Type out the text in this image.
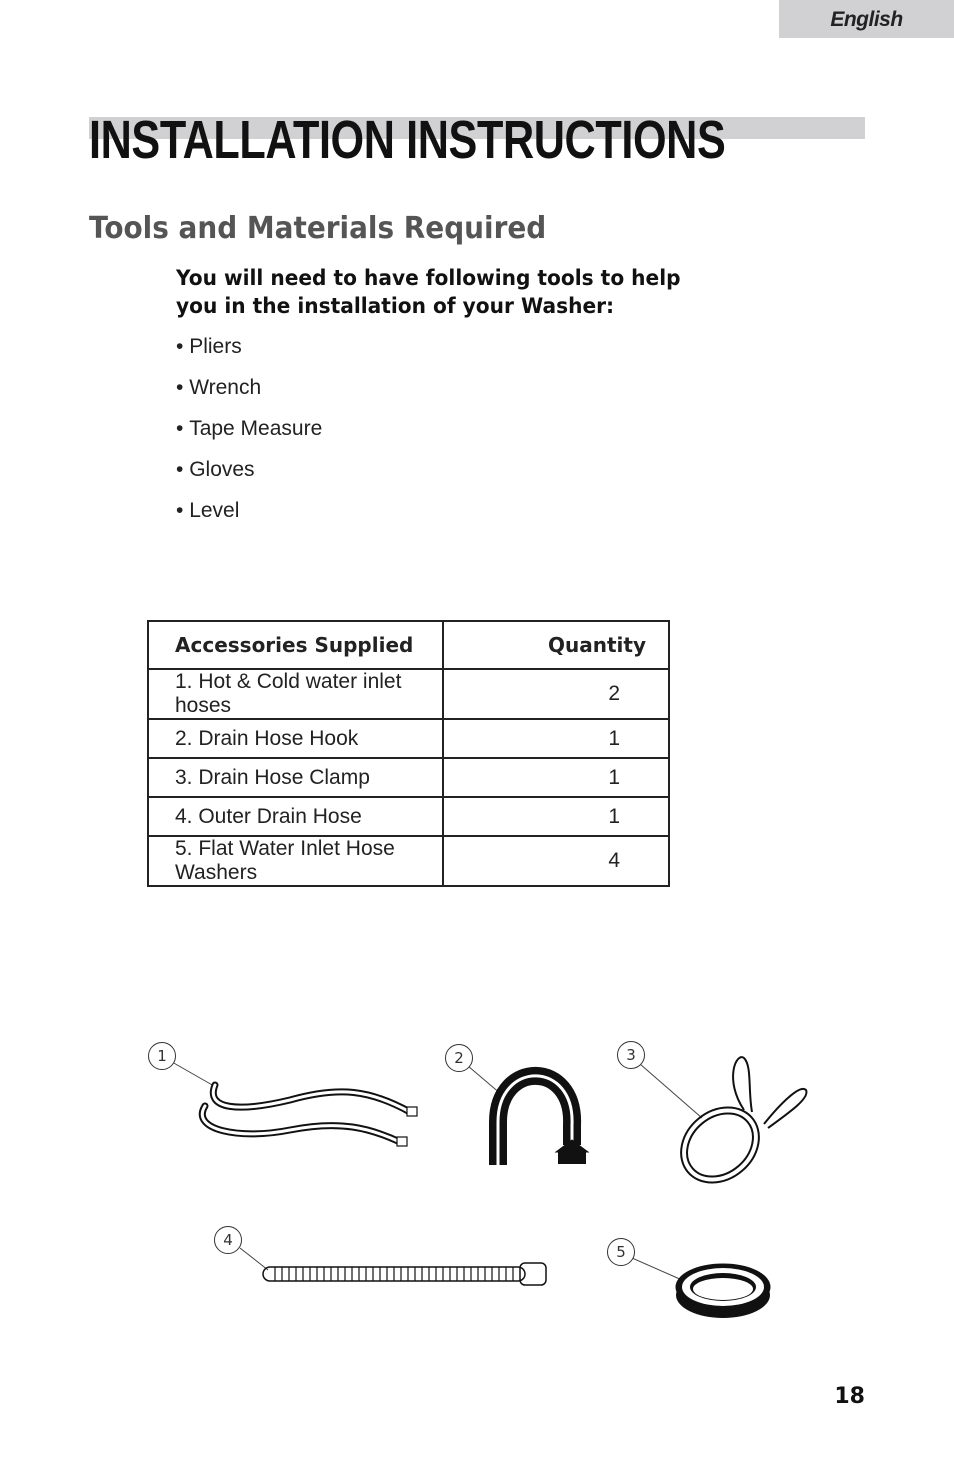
English
INSTALLATION INSTRUCTIONS
Tools and Materials Required

You will need to have following tools to help
you in the installation of your Washer:

• Pliers
• Wrench
• Tape Measure
• Gloves
• Level
Accessories Supplied	Quantity
1. Hot & Cold water inlet hoses	2
2. Drain Hose Hook	1
3. Drain Hose Clamp	1
4. Outer Drain Hose	1
5. Flat Water Inlet Hose Washers	4
1	2	3
4
5
18
